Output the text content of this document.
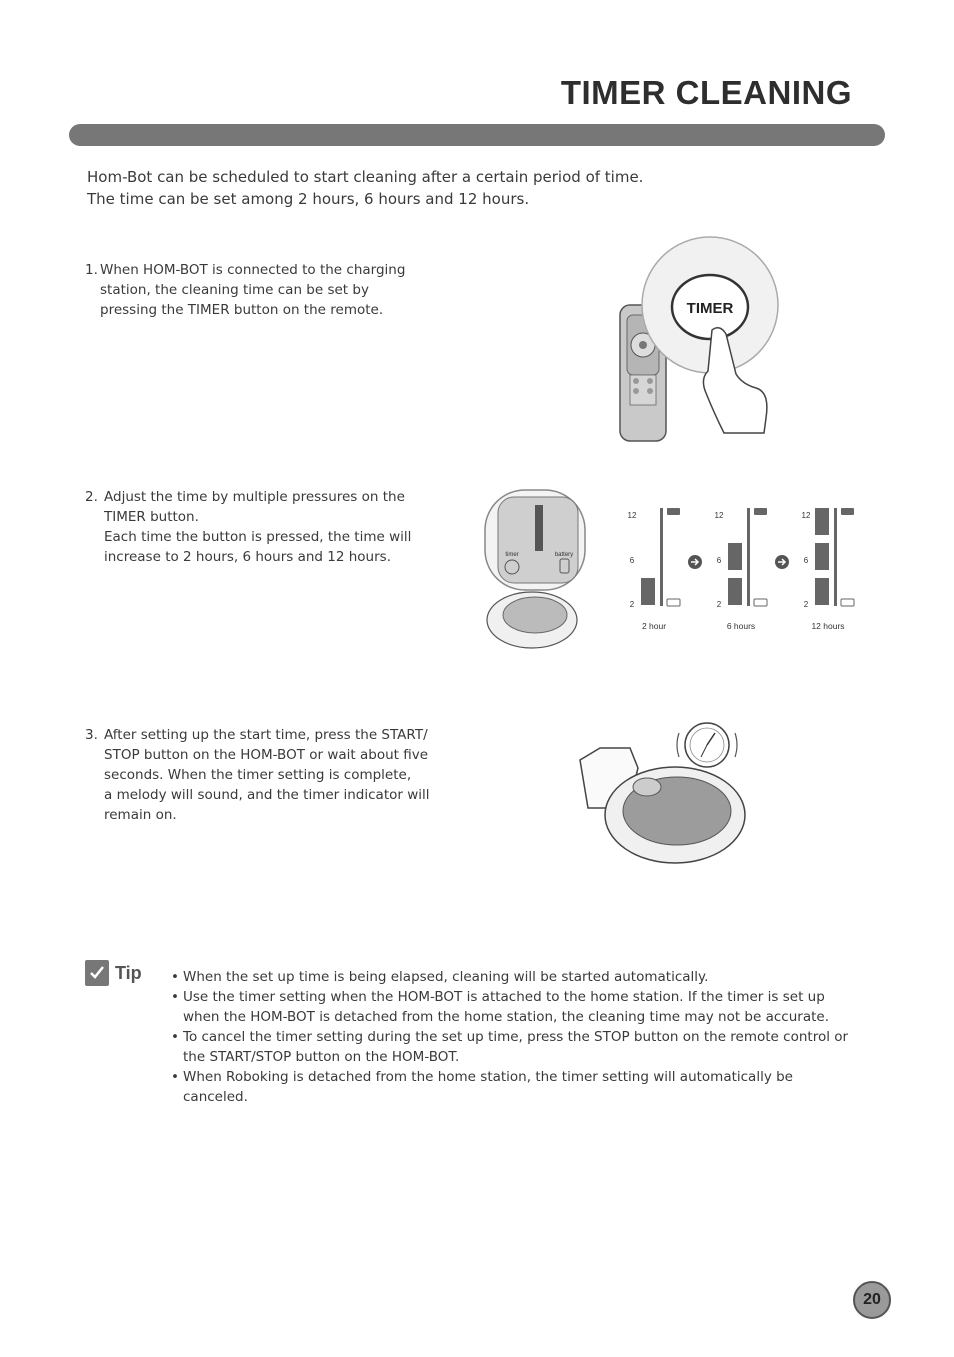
TIMER CLEANING
Hom-Bot can be scheduled to start cleaning after a certain period of time.
The time can be set among 2 hours, 6 hours and 12 hours.
1. When HOM-BOT is connected to the charging
station, the cleaning time can be set by
pressing the TIMER button on the remote.	TIMER
2. Adjust the time by multiple pressures on the
TIMER button.
Each time the button is pressed, the time will
increase to 2 hours, 6 hours and 12 hours.	timer	battery
12
6
2
2 hour
12
6
2
6 hours
12
6
2
12 hours
3. After setting up the start time, press the START/
STOP button on the HOM-BOT or wait about five
seconds. When the timer setting is complete,
a melody will sound, and the timer indicator will
remain on.
Tip
•	When the set up time is being elapsed, cleaning will be started automatically.
• Use the timer setting when the HOM-BOT is attached to the home station. If the timer is set up when the HOM-BOT is detached from the home station, the cleaning time may not be accurate.
• To cancel the timer setting during the set up time, press the STOP button on the remote control or the START/STOP button on the HOM-BOT.
• When Roboking is detached from the home station, the timer setting will automatically be canceled.
20
